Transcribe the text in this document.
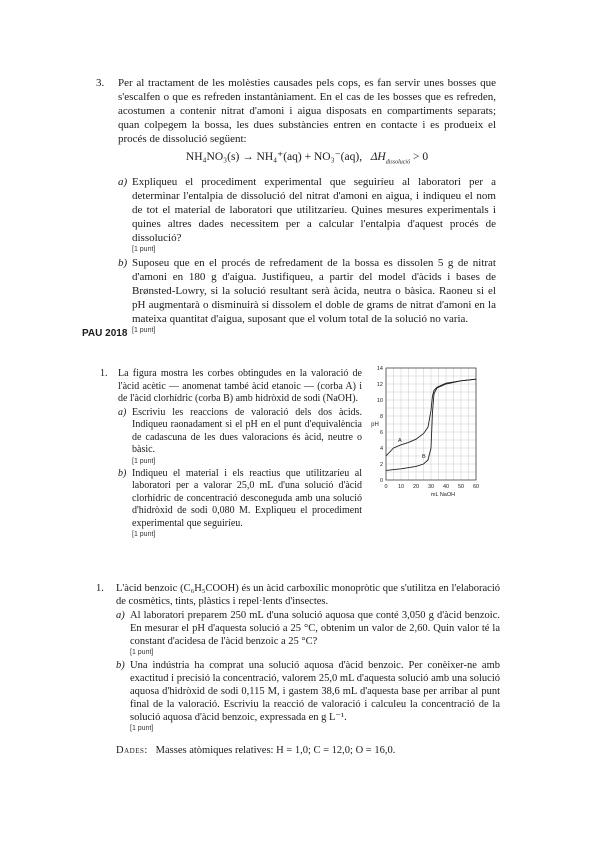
3. Per al tractament de les molèsties causades pels cops, es fan servir unes bosses que s'escalfen o que es refreden instantàniament. En el cas de les bosses que es refreden, acostumen a contenir nitrat d'amoni i aigua disposats en compartiments separats; quan colpegem la bossa, les dues substàncies entren en contacte i es produeix el procés de dissolució següent:
NH₄NO₃(s) → NH₄⁺(aq) + NO₃⁻(aq),   $\Delta H_{dissolució} > 0$
a) Expliqueu el procediment experimental que seguiríeu al laboratori per a determinar l'entalpia de dissolució del nitrat d'amoni en aigua, i indiqueu el nom de tot el material de laboratori que utilitzaríeu. Quines mesures experimentals i quines altres dades necessitem per a calcular l'entalpia d'aquest procés de dissolució?
[1 punt]
b) Suposeu que en el procés de refredament de la bossa es dissolen 5 g de nitrat d'amoni en 180 g d'aigua. Justifiqueu, a partir del model d'àcids i bases de Brønsted-Lowry, si la solució resultant serà àcida, neutra o bàsica. Raoneu si el pH augmentarà o disminuirà si dissolem el doble de grams de nitrat d'amoni en la mateixa quantitat d'aigua, suposant que el volum total de la solució no varia.
[1 punt]
PAU 2018
1. La figura mostra les corbes obtingudes en la valoració de l'àcid acètic — anomenat també àcid etanoic — (corba A) i de l'àcid clorhídric (corba B) amb hidròxid de sodi (NaOH).
a) Escriviu les reaccions de valoració dels dos àcids. Indiqueu raonadament si el pH en el punt d'equivalència de cadascuna de les dues valoracions és àcid, neutre o bàsic.
[1 punt]
b) Indiqueu el material i els reactius que utilitzaríeu al laboratori per a valorar 25,0 mL d'una solució d'àcid clorhídric de concentració desconeguda amb una solució d'hidròxid de sodi 0,080 M. Expliqueu el procediment experimental que seguiríeu.
[1 punt]
0 10 20 30 40 50 60
0
2
4
6
8
10
12
14
mL NaOH
pH
A
B
1. L'àcid benzoic (C₆H₅COOH) és un àcid carboxílic monopròtic que s'utilitza en l'elaboració de cosmètics, tints, plàstics i repel·lents d'insectes.
a) Al laboratori preparem 250 mL d'una solució aquosa que conté 3,050 g d'àcid benzoic. En mesurar el pH d'aquesta solució a 25 °C, obtenim un valor de 2,60. Quin valor té la constant d'acidesa de l'àcid benzoic a 25 °C?
[1 punt]
b) Una indústria ha comprat una solució aquosa d'àcid benzoic. Per conèixer-ne amb exactitud i precisió la concentració, valorem 25,0 mL d'aquesta solució amb una solució aquosa d'hidròxid de sodi 0,115 M, i gastem 38,6 mL d'aquesta base per arribar al punt final de la valoració. Escriviu la reacció de valoració i calculeu la concentració de la solució aquosa d'àcid benzoic, expressada en g L⁻¹.
[1 punt]
Dades: Masses atòmiques relatives: H = 1,0; C = 12,0; O = 16,0.
